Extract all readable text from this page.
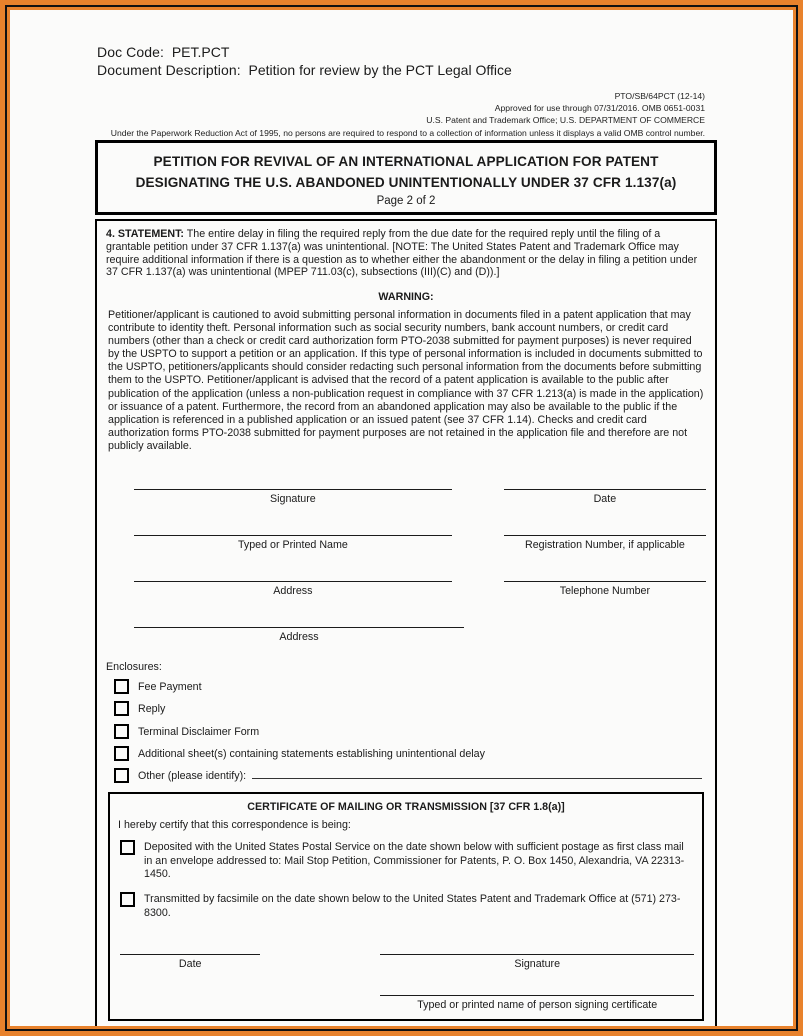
Doc Code: PET.PCT
Document Description: Petition for review by the PCT Legal Office
PTO/SB/64PCT (12-14)
Approved for use through 07/31/2016. OMB 0651-0031
U.S. Patent and Trademark Office; U.S. DEPARTMENT OF COMMERCE
Under the Paperwork Reduction Act of 1995, no persons are required to respond to a collection of information unless it displays a valid OMB control number.
PETITION FOR REVIVAL OF AN INTERNATIONAL APPLICATION FOR PATENT
DESIGNATING THE U.S. ABANDONED UNINTENTIONALLY UNDER 37 CFR 1.137(a)
Page 2 of 2

4. STATEMENT: The entire delay in filing the required reply from the due date for the required reply until the filing of a grantable petition under 37 CFR 1.137(a) was unintentional. [NOTE: The United States Patent and Trademark Office may require additional information if there is a question as to whether either the abandonment or the delay in filing a petition under 37 CFR 1.137(a) was unintentional (MPEP 711.03(c), subsections (III)(C) and (D)).]

WARNING:

Petitioner/applicant is cautioned to avoid submitting personal information in documents filed in a patent application that may contribute to identity theft. Personal information such as social security numbers, bank account numbers, or credit card numbers (other than a check or credit card authorization form PTO-2038 submitted for payment purposes) is never required by the USPTO to support a petition or an application. If this type of personal information is included in documents submitted to the USPTO, petitioners/applicants should consider redacting such personal information from the documents before submitting them to the USPTO. Petitioner/applicant is advised that the record of a patent application is available to the public after publication of the application (unless a non-publication request in compliance with 37 CFR 1.213(a) is made in the application) or issuance of a patent. Furthermore, the record from an abandoned application may also be available to the public if the application is referenced in a published application or an issued patent (see 37 CFR 1.14). Checks and credit card authorization forms PTO-2038 submitted for payment purposes are not retained in the application file and therefore are not publicly available.

Signature	Date
Typed or Printed Name	Registration Number, if applicable
Address	Telephone Number
Address
Enclosures:
Fee Payment
Reply
Terminal Disclaimer Form
Additional sheet(s) containing statements establishing unintentional delay
Other (please identify):
CERTIFICATE OF MAILING OR TRANSMISSION [37 CFR 1.8(a)]
I hereby certify that this correspondence is being:
Deposited with the United States Postal Service on the date shown below with sufficient postage as first class mail in an envelope addressed to: Mail Stop Petition, Commissioner for Patents, P. O. Box 1450, Alexandria, VA 22313-1450.
Transmitted by facsimile on the date shown below to the United States Patent and Trademark Office at (571) 273-8300.
Date	Signature
Typed or printed name of person signing certificate
